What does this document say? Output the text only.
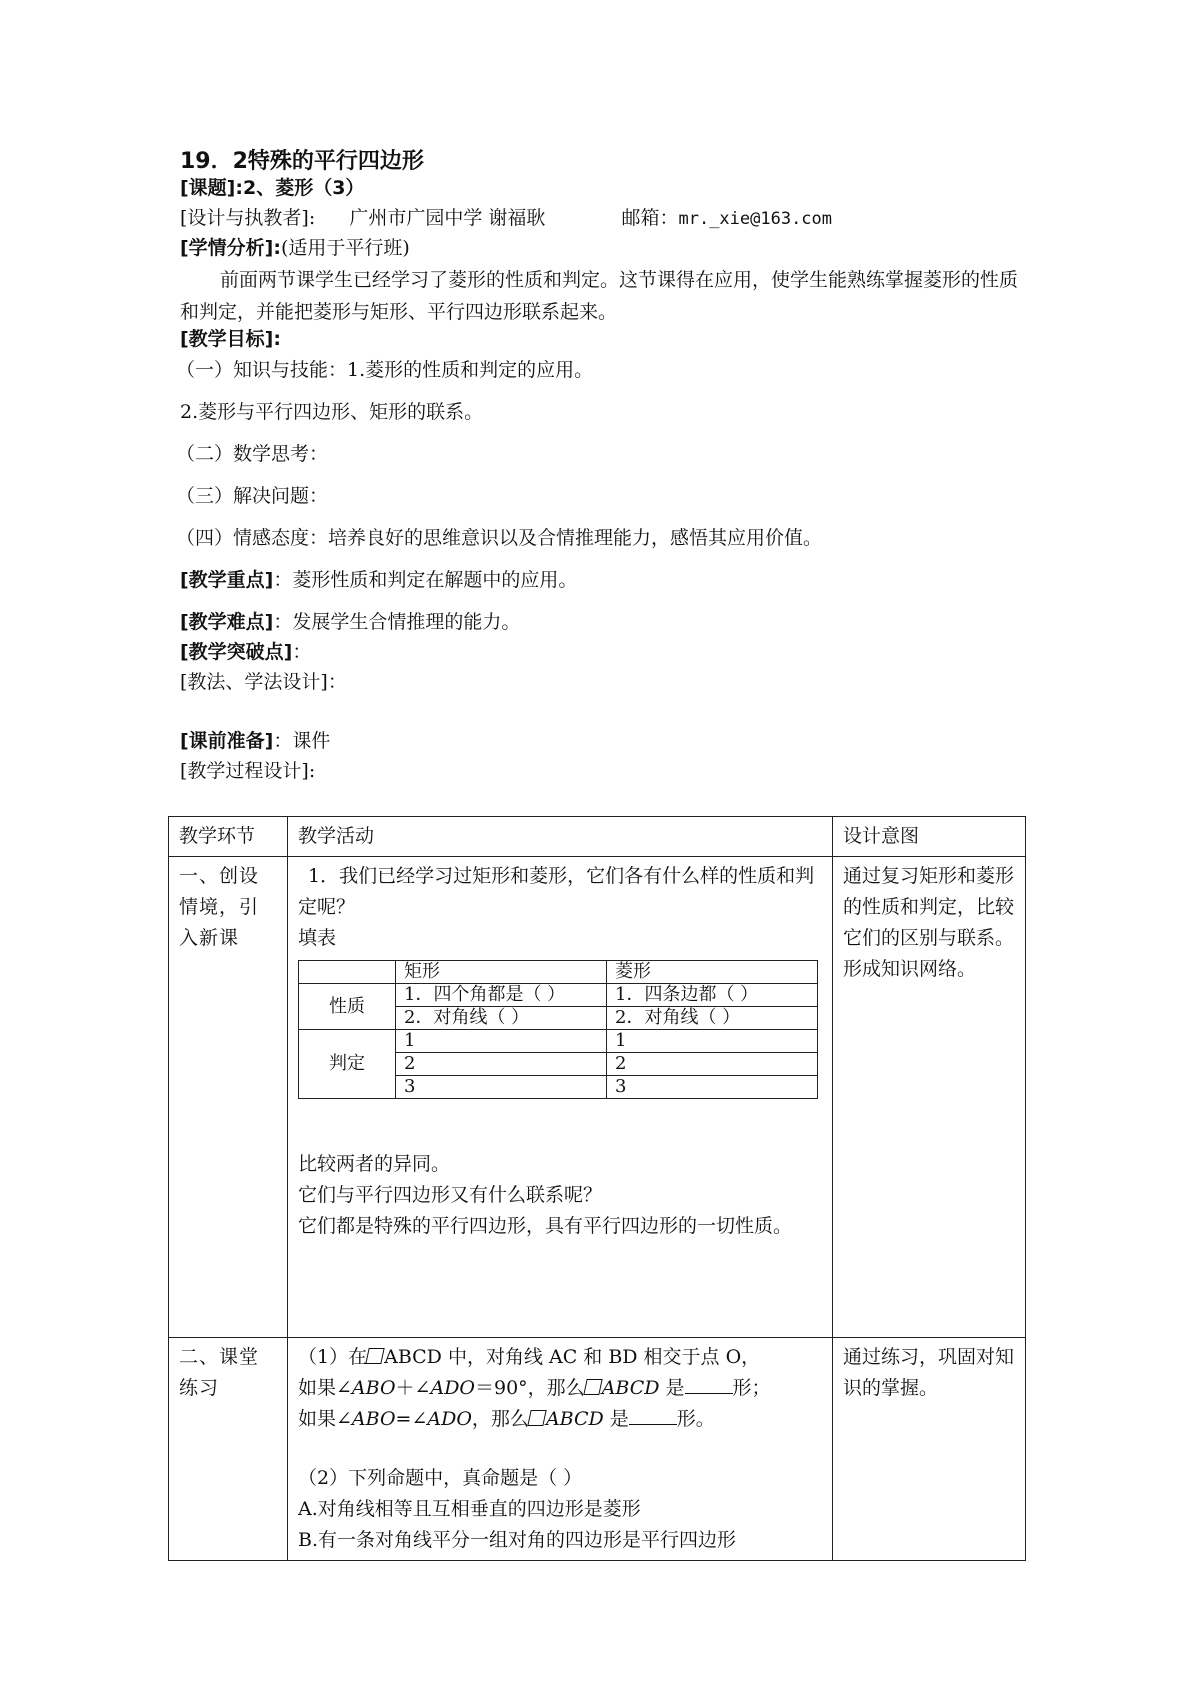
19．2特殊的平行四边形
[课题]:2、菱形（3）
[设计与执教者]: 广州市广园中学 谢福耿	邮箱：mr._xie@163.com
[学情分析]:(适用于平行班)
前面两节课学生已经学习了菱形的性质和判定。这节课得在应用，使学生能熟练掌握菱形的性质和判定，并能把菱形与矩形、平行四边形联系起来。
[教学目标]:
（一）知识与技能：1.菱形的性质和判定的应用。
2.菱形与平行四边形、矩形的联系。
（二）数学思考：
（三）解决问题：
（四）情感态度：培养良好的思维意识以及合情推理能力，感悟其应用价值。
[教学重点]：菱形性质和判定在解题中的应用。
[教学难点]：发展学生合情推理的能力。
[教学突破点]：
[教法、学法设计]：
[课前准备]：课件
[教学过程设计]:
教学环节	教学活动	设计意图
一、创设情境，引入新课	
1．我们已经学习过矩形和菱形，它们各有什么样的性质和判定呢？
填表
	矩形	菱形
性质	1．四个角都是（ ）	1．四条边都（ ）
2．对角线（ ）	2．对角线（ ）
判定	1	1
2	2
3	3
比较两者的异同。
它们与平行四边形又有什么联系呢？
它们都是特殊的平行四边形，具有平行四边形的一切性质。
	通过复习矩形和菱形的性质和判定，比较它们的区别与联系。形成知识网络。
二、课堂练习	
（1）在 ABCD 中，对角线 AC 和 BD 相交于点 O，
如果∠ABO＋∠ADO＝90°，那么 ABCD 是	形；
如果∠ABO=∠ADO，那么 ABCD 是	形。
（2）下列命题中，真命题是（ ）
A.对角线相等且互相垂直的四边形是菱形
B.有一条对角线平分一组对角的四边形是平行四边形
	通过练习，巩固对知识的掌握。
